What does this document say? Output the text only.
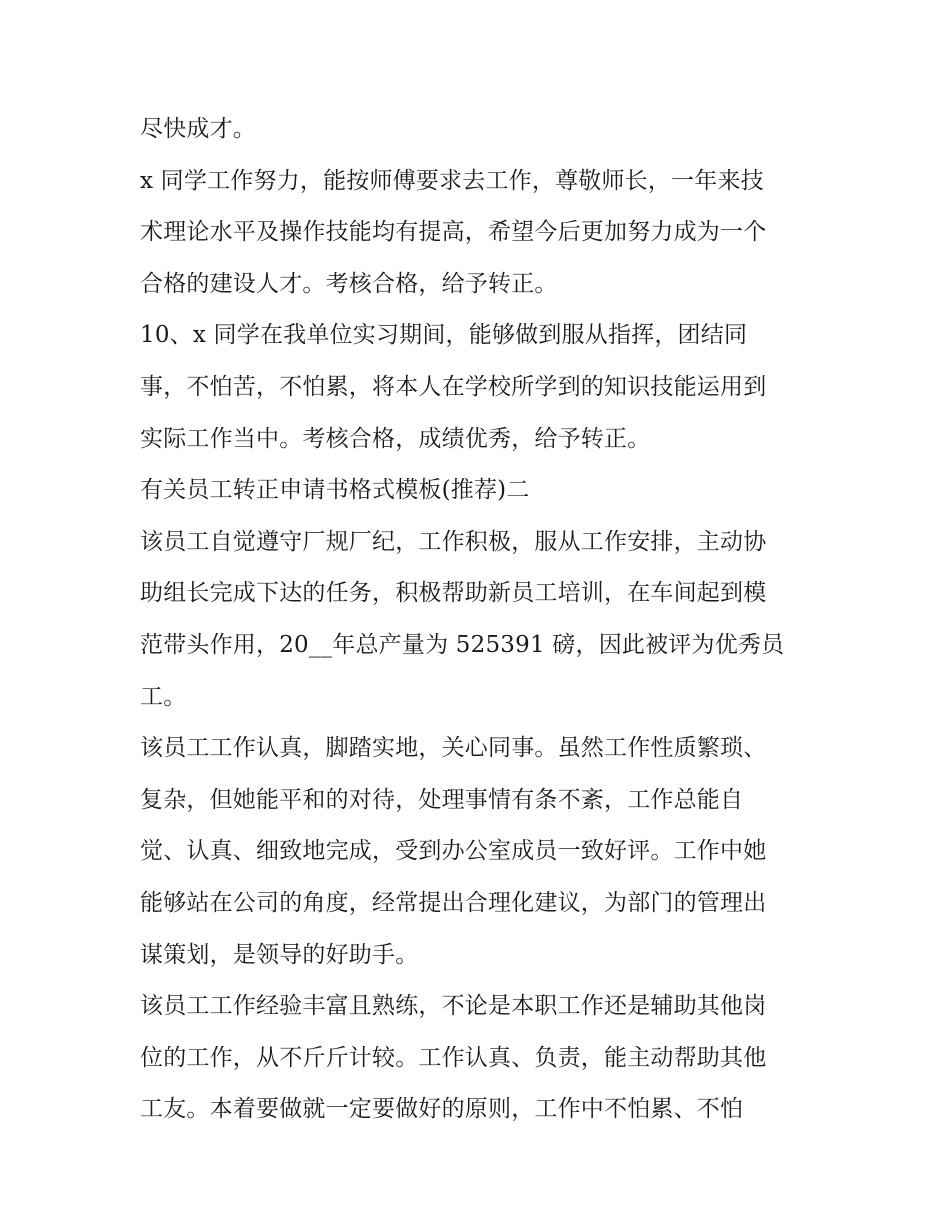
尽快成才。
x 同学工作努力，能按师傅要求去工作，尊敬师长，一年来技
术理论水平及操作技能均有提高，希望今后更加努力成为一个
合格的建设人才。考核合格，给予转正。
10、x 同学在我单位实习期间，能够做到服从指挥，团结同
事，不怕苦，不怕累，将本人在学校所学到的知识技能运用到
实际工作当中。考核合格，成绩优秀，给予转正。
有关员工转正申请书格式模板(推荐)二
该员工自觉遵守厂规厂纪，工作积极，服从工作安排，主动协
助组长完成下达的任务，积极帮助新员工培训，在车间起到模
范带头作用，20__年总产量为 525391 磅，因此被评为优秀员
工。
该员工工作认真，脚踏实地，关心同事。虽然工作性质繁琐、
复杂，但她能平和的对待，处理事情有条不紊，工作总能自
觉、认真、细致地完成，受到办公室成员一致好评。工作中她
能够站在公司的角度，经常提出合理化建议，为部门的管理出
谋策划，是领导的好助手。
该员工工作经验丰富且熟练，不论是本职工作还是辅助其他岗
位的工作，从不斤斤计较。工作认真、负责，能主动帮助其他
工友。本着要做就一定要做好的原则，工作中不怕累、不怕
